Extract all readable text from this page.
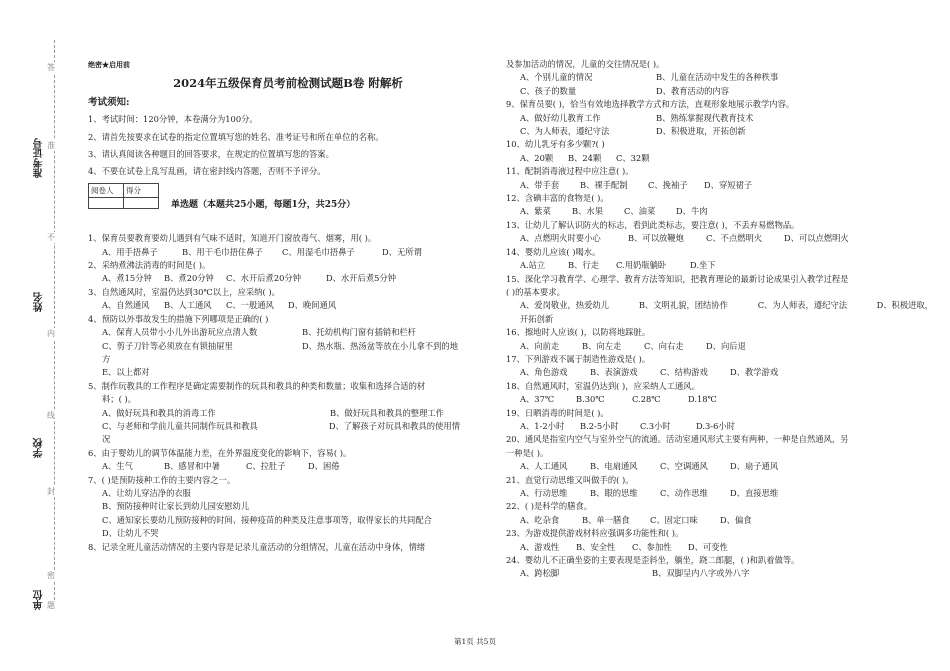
准考证号
姓名
学校
单位
答
准
不
内
线
封
密
题
绝密★启用前
2024年五级保育员考前检测试题B卷 附解析
考试须知:

1、考试时间：120分钟，本卷满分为100分。

2、请首先按要求在试卷的指定位置填写您的姓名、准考证号和所在单位的名称。

3、请认真阅读各种题目的回答要求，在规定的位置填写您的答案。

4、不要在试卷上乱写乱画，请在密封线内答题，否则不予评分。

阅卷人	得分

单选题（本题共25小题，每题1分，共25分）

1、保育员要教育要幼儿遇到有气味不适时，知道开门窗放毒气、烟雾，用( )。

A、用手捂鼻子	B、用干毛巾捂住鼻子	C、用湿毛巾捂鼻子	D、无所谓

2、采纳煮沸法消毒的时间是( )。

A、煮15分钟	B、煮20分钟	C、水开后煮20分钟	D、水开后煮5分钟

3、自然通风时，室温仍达到30℃以上，应采纳( )。

A、自然通风	B、人工通风	C、一般通风	D、晚间通风

4、预防以外事故发生的措施下列哪项是正确的( )

A、保育人员带小小儿外出游玩应点清人数	B、托幼机构门窗有插销和栏杆
C、剪子刀针等必须放在有锁抽屉里	D、热水瓶、热汤盆等放在小儿拿不到的地

方

E、以上都对

5、制作玩教具的工作程序是确定需要制作的玩具和教具的种类和数量；收集和选择合适的材

料；( )。

A、做好玩具和教具的消毒工作	B、做好玩具和教具的整理工作
C、与老师和学前儿童共同制作玩具和教具	D、了解孩子对玩具和教具的使用情

况

6、由于婴幼儿的调节体温能力差，在外界温度变化的影响下，容易( )。

A、生气	B、感冒和中暑	C、拉肚子	D、困倦

7、( )是预防接种工作的主要内容之一。

A、让幼儿穿洁净的衣服

B、预防接种时让家长到幼儿园安慰幼儿

C、通知家长要幼儿预防接种的时间、接种疫苗的种类及注意事项等，取得家长的共同配合

D、让幼儿不哭

8、记录全班儿童活动情况的主要内容是记录儿童活动的分组情况，儿童在活动中身体，情绪

及参加活动的情况，儿童的交往情况是( )。

A、个别儿童的情况	B、儿童在活动中发生的各种秩事
C、孩子的数量	D、教育活动的内容

9、保育员要( )，恰当有效地选择教学方式和方法，直观形象地展示教学内容。

A、做好幼儿教育工作	B、熟练掌握现代教育技术
C、为人师表，遵纪守法	D、积极进取，开拓创新

10、幼儿乳牙有多少颗?( )

A、20颗	B、24颗	C、32颗

11、配制消毒液过程中应注意( )。

A、带手套	B、裸手配制	C、挽袖子	D、穿短裙子

12、含碘丰富的食物是( )。

A、紫菜	B、水果	C、油菜	D、牛肉

13、让幼儿了解认识防火的标志，看到此类标志，要注意( )，不丢弃易燃物品。

A、点燃明火时要小心	B、可以放鞭炮	C、不点燃明火	D、可以点燃明火

14、婴幼儿应该( )喝水。

A.站立	B、行走	C.用奶瓶躺卧	D.坐下

15、深化学习教育学、心理学、教育方法等知识，把教育理论的最新讨论成果引入教学过程是

( )的基本要求。

A、爱岗敬业，热爱幼儿	B、文明礼貌，团结协作	C、为人师表，遵纪守法	D、积极进取，

开拓创新

16、擦地时人应该( )，以防将地踩脏。

A、向前走	B、向左走	C、向右走	D、向后退

17、下列游戏不属于制造性游戏是( )。

A、角色游戏	B、表演游戏	C、结构游戏	D、教学游戏

18、自然通风时，室温仍达到( )，应采纳人工通风。

A、37℃	B.30℃	C.28℃	D.18℃

19、日晒消毒的时间是( )。

A、1-2小时	B.2-5小时	C.3小时	D.3-6小时

20、通风是指室内空气与室外空气的流通。活动室通风形式主要有两种，一种是自然通风，另

一种是( )。

A、人工通风	B、电扇通风	C、空调通风	D、扇子通风

21、直觉行动思维又叫做手的( )。

A、行动思维	B、眼的思维	C、动作思维	D、直接思维

22、( )是科学的膳食。

A、吃杂食	B、单一膳食	C、固定口味	D、偏食

23、为游戏提供游戏材料应强调多功能性和( )。

A、游戏性	B、安全性	C、参加性	D、可变性

24、婴幼儿不正确坐姿的主要表现是歪斜坐，躺坐，跷二郎腿，( )和趴着做等。

A、跨松脚	B、双脚呈内八字或外八字
第1页 共5页
